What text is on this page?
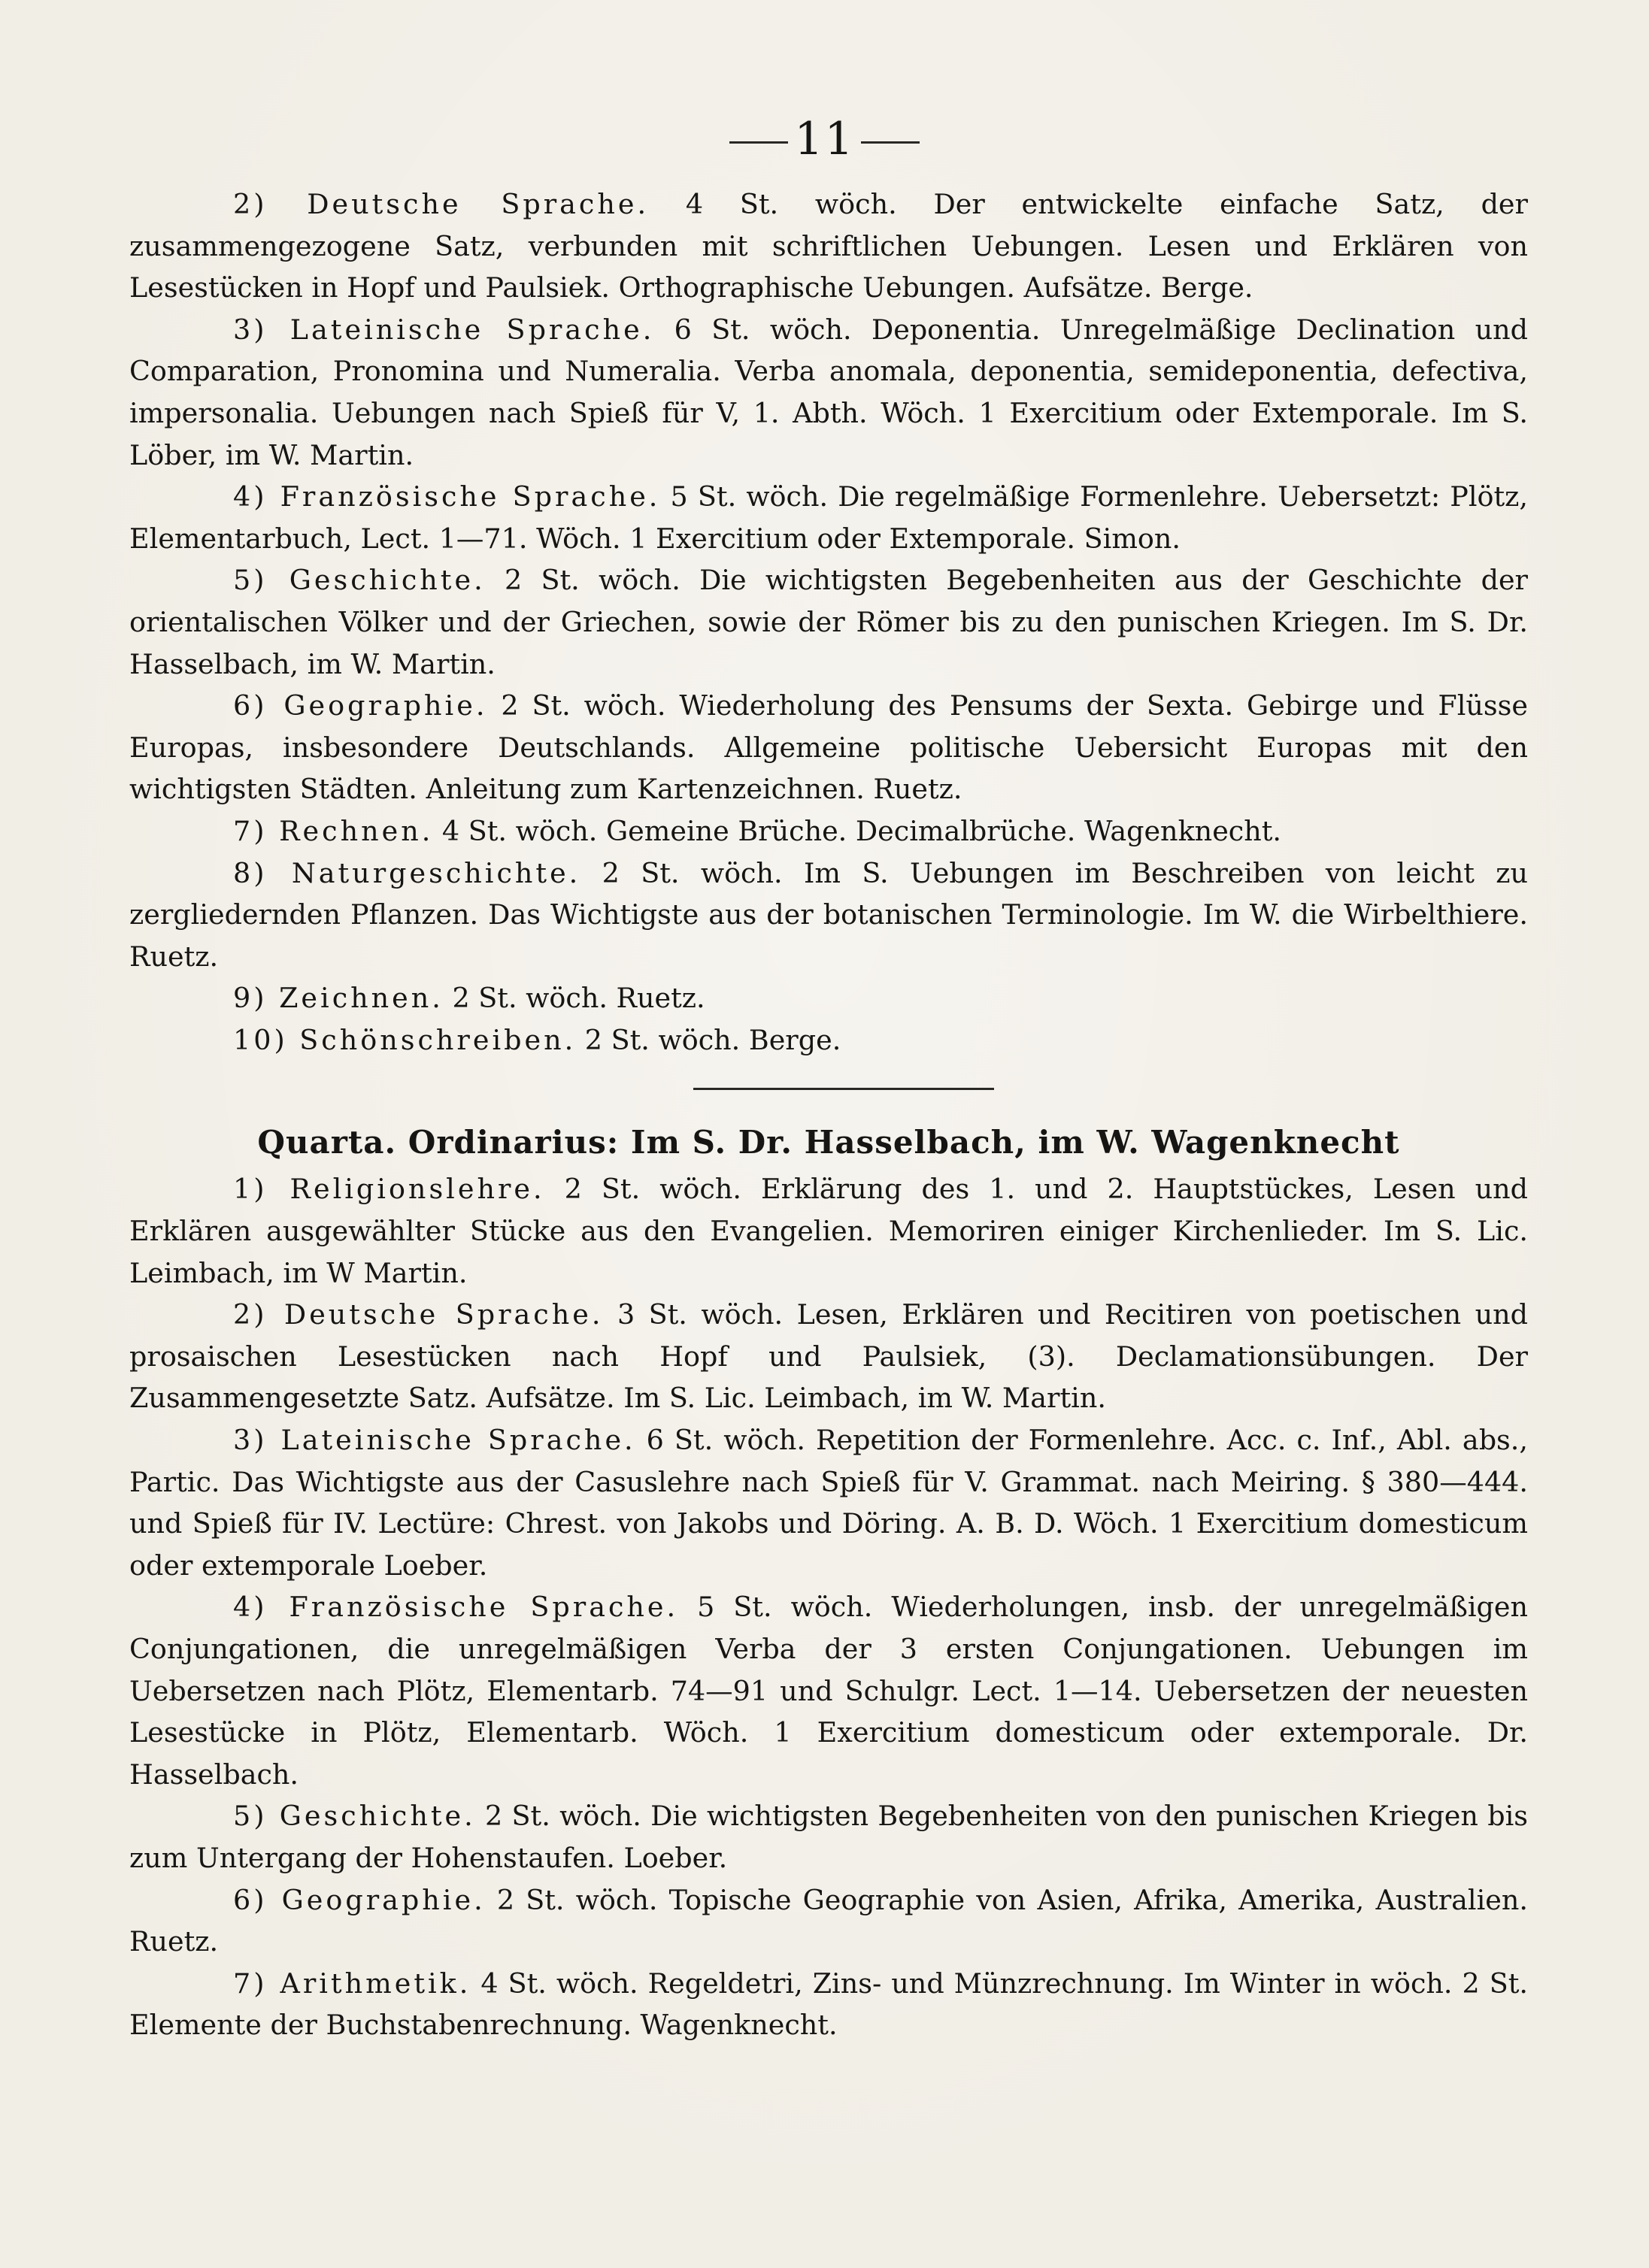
11

2) Deutsche Sprache. 4 St. wöch. Der entwickelte einfache Satz, der zusammengezogene Satz, verbunden mit schriftlichen Uebungen. Lesen und Erklären von Lesestücken in Hopf und Paulsiek. Orthographische Uebungen. Aufsätze. Berge.

3) Lateinische Sprache. 6 St. wöch. Deponentia. Unregelmäßige Declination und Comparation, Pronomina und Numeralia. Verba anomala, deponentia, semideponentia, defectiva, impersonalia. Uebungen nach Spieß für V, 1. Abth. Wöch. 1 Exercitium oder Extemporale. Im S. Löber, im W. Martin.

4) Französische Sprache. 5 St. wöch. Die regelmäßige Formenlehre. Uebersetzt: Plötz, Elementarbuch, Lect. 1—71. Wöch. 1 Exercitium oder Extemporale. Simon.

5) Geschichte. 2 St. wöch. Die wichtigsten Begebenheiten aus der Geschichte der orientalischen Völker und der Griechen, sowie der Römer bis zu den punischen Kriegen. Im S. Dr. Hasselbach, im W. Martin.

6) Geographie. 2 St. wöch. Wiederholung des Pensums der Sexta. Gebirge und Flüsse Europas, insbesondere Deutschlands. Allgemeine politische Uebersicht Europas mit den wichtigsten Städten. Anleitung zum Kartenzeichnen. Ruetz.

7) Rechnen. 4 St. wöch. Gemeine Brüche. Decimalbrüche. Wagenknecht.

8) Naturgeschichte. 2 St. wöch. Im S. Uebungen im Beschreiben von leicht zu zergliedernden Pflanzen. Das Wichtigste aus der botanischen Terminologie. Im W. die Wirbelthiere. Ruetz.

9) Zeichnen. 2 St. wöch. Ruetz.

10) Schönschreiben. 2 St. wöch. Berge.

Quarta. Ordinarius: Im S. Dr. Hasselbach, im W. Wagenknecht

1) Religionslehre. 2 St. wöch. Erklärung des 1. und 2. Hauptstückes, Lesen und Erklären ausgewählter Stücke aus den Evangelien. Memoriren einiger Kirchenlieder. Im S. Lic. Leimbach, im W Martin.

2) Deutsche Sprache. 3 St. wöch. Lesen, Erklären und Recitiren von poetischen und prosaischen Lesestücken nach Hopf und Paulsiek, (3). Declamationsübungen. Der Zusammengesetzte Satz. Aufsätze. Im S. Lic. Leimbach, im W. Martin.

3) Lateinische Sprache. 6 St. wöch. Repetition der Formenlehre. Acc. c. Inf., Abl. abs., Partic. Das Wichtigste aus der Casuslehre nach Spieß für V. Grammat. nach Meiring. § 380—444. und Spieß für IV. Lectüre: Chrest. von Jakobs und Döring. A. B. D. Wöch. 1 Exercitium domesticum oder extemporale Loeber.

4) Französische Sprache. 5 St. wöch. Wiederholungen, insb. der unregelmäßigen Conjungationen, die unregelmäßigen Verba der 3 ersten Conjungationen. Uebungen im Uebersetzen nach Plötz, Elementarb. 74—91 und Schulgr. Lect. 1—14. Uebersetzen der neuesten Lesestücke in Plötz, Elementarb. Wöch. 1 Exercitium domesticum oder extemporale. Dr. Hasselbach.

5) Geschichte. 2 St. wöch. Die wichtigsten Begebenheiten von den punischen Kriegen bis zum Untergang der Hohenstaufen. Loeber.

6) Geographie. 2 St. wöch. Topische Geographie von Asien, Afrika, Amerika, Australien. Ruetz.

7) Arithmetik. 4 St. wöch. Regeldetri, Zins- und Münzrechnung. Im Winter in wöch. 2 St. Elemente der Buchstabenrechnung. Wagenknecht.
